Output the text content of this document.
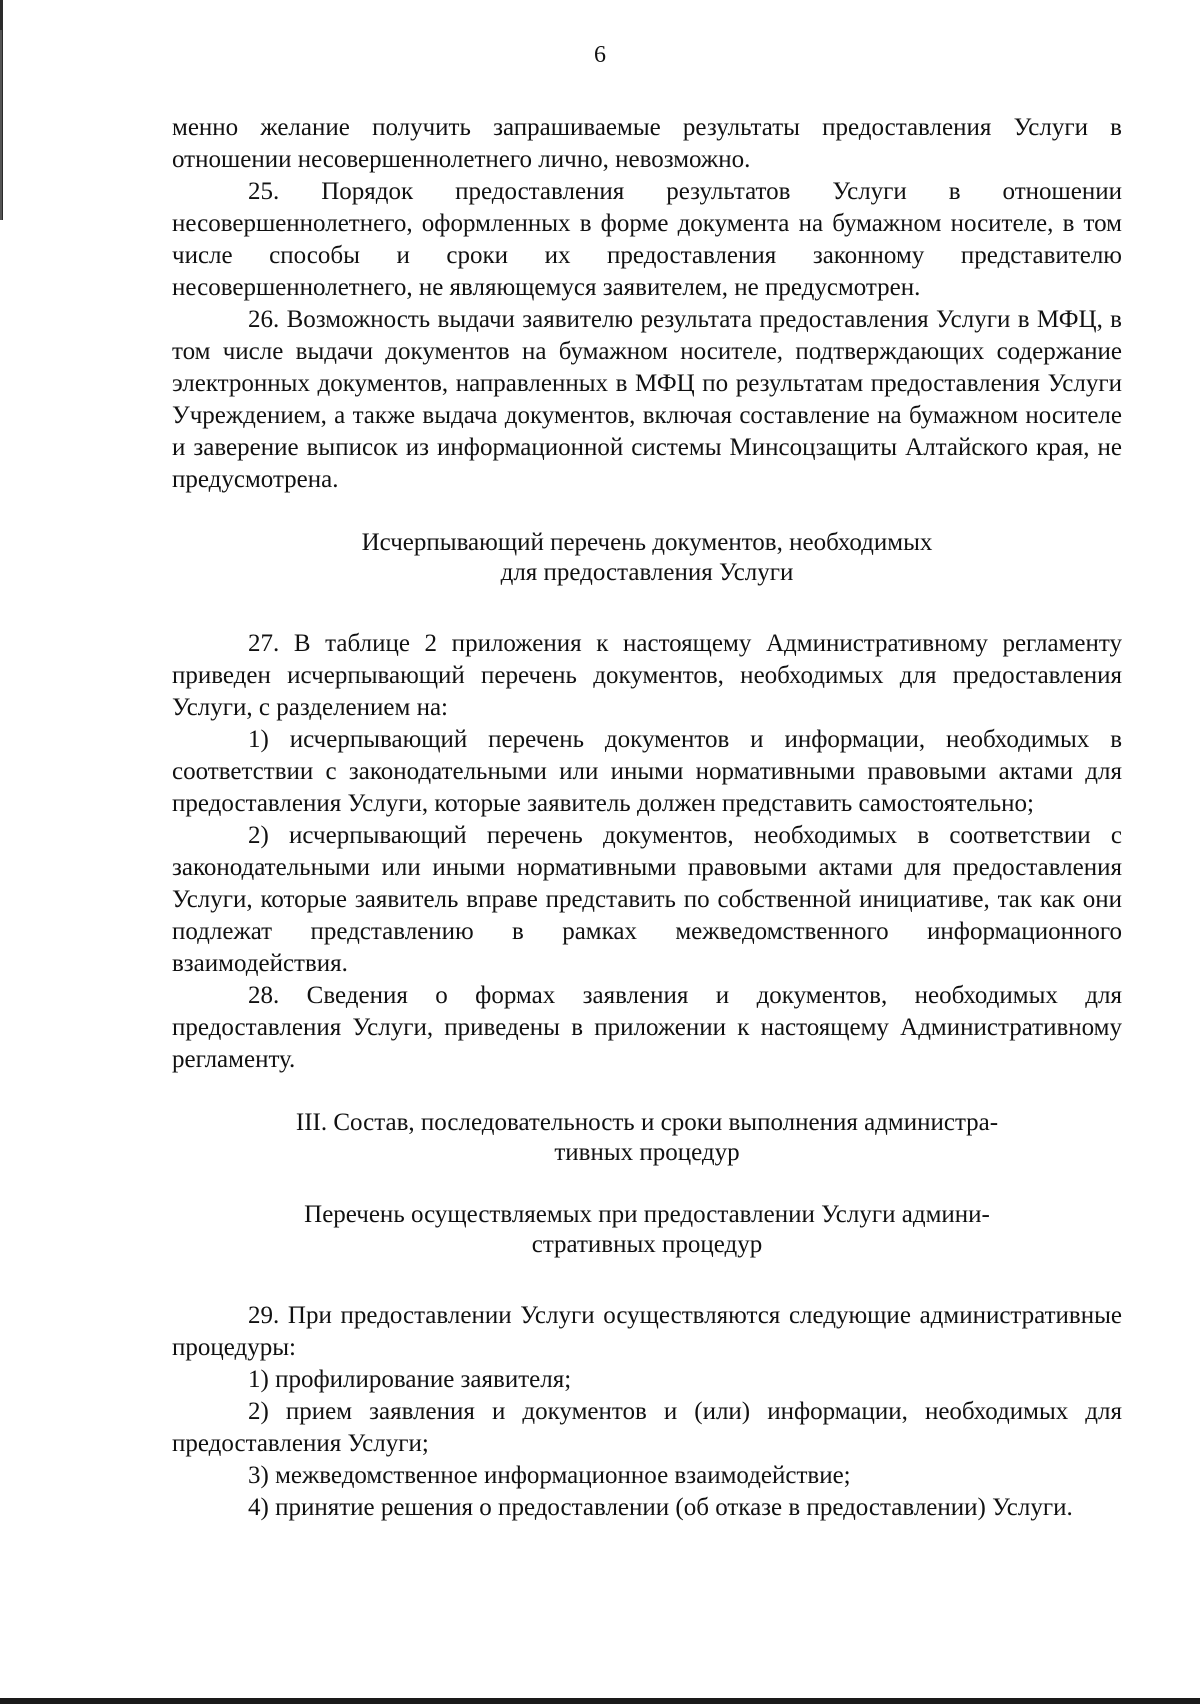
6

менно желание получить запрашиваемые результаты предоставления Услуги в отношении несовершеннолетнего лично, невозможно.

25. Порядок предоставления результатов Услуги в отношении несовершеннолетнего, оформленных в форме документа на бумажном носителе, в том числе способы и сроки их предоставления законному представителю несовершеннолетнего, не являющемуся заявителем, не предусмотрен.

26. Возможность выдачи заявителю результата предоставления Услуги в МФЦ, в том числе выдачи документов на бумажном носителе, подтверждающих содержание электронных документов, направленных в МФЦ по результатам предоставления Услуги Учреждением, а также выдача документов, включая составление на бумажном носителе и заверение выписок из информационной системы Минсоцзащиты Алтайского края, не предусмотрена.

Исчерпывающий перечень документов, необходимых
для предоставления Услуги

27. В таблице 2 приложения к настоящему Административному регламенту приведен исчерпывающий перечень документов, необходимых для предоставления Услуги, с разделением на:

1) исчерпывающий перечень документов и информации, необходимых в соответствии с законодательными или иными нормативными правовыми актами для предоставления Услуги, которые заявитель должен представить самостоятельно;

2) исчерпывающий перечень документов, необходимых в соответствии с законодательными или иными нормативными правовыми актами для предоставления Услуги, которые заявитель вправе представить по собственной инициативе, так как они подлежат представлению в рамках межведомственного информационного взаимодействия.

28. Сведения о формах заявления и документов, необходимых для предоставления Услуги, приведены в приложении к настоящему Административному регламенту.

III. Состав, последовательность и сроки выполнения администра-
тивных процедур
Перечень осуществляемых при предоставлении Услуги админи-
стративных процедур

29. При предоставлении Услуги осуществляются следующие административные процедуры:

1) профилирование заявителя;

2) прием заявления и документов и (или) информации, необходимых для предоставления Услуги;

3) межведомственное информационное взаимодействие;

4) принятие решения о предоставлении (об отказе в предоставлении) Услуги.
